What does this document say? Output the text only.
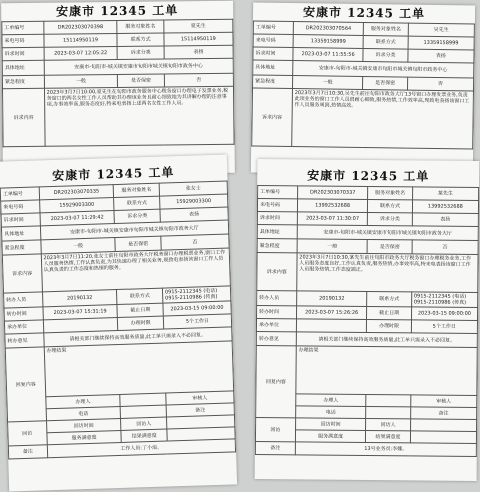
安康市 12345 工单
工单编号	DR202303070398	服务对象姓名	夏先生
来电号码	15114950119	联系方式	15114950119
诉求时间	2023-03-07 12:05:22	诉求分类	表扬
具体地址	安康市-旬阳市-城关镇安康市旬阳市城关镇旬阳市政务中心		
紧急程度	一般	是否保密	否
诉求内容	2023年3月7日10:00,夏先生在旬阳市政务服务中心税务窗口办理电子发票业务,税务窗口的两名女性工作人员帮助其办理该业务且耐心细致地为其讲解办理的注意事项,办事效率高,服务态度好,特来电表扬上述两名女性工作人员。		
安康市 12345 工单
工单编号	DR202303070564	服务对象姓名	吴先生
来电号码	13359158999	联系方式	13359158999
诉求时间	2023-03-07 11:55:56	诉求分类	表扬
具体地址	安康市-旬阳市-城关镇安康市旬阳市城关镇旬阳市政务中心		
紧急程度	一般	是否保密	否
诉求内容	2023年3月7日10:30,吴先生前往旬阳市政务大厅13号窗口办理发票业务,负责此项业务的窗口工作人员很耐心细致,服务热情,工作效率高,现致电表扬该窗口工作人员服务周到,热情高效。		
安康市 12345 工单
工单编号	DR202303070335	服务对象姓名	张女士
来电号码	15929003300	联系方式	15929003300
诉求时间	2023-03-07 11:29:42	诉求分类	表扬
具体地址	安康市-旬阳市-城关镇安康市旬阳市城关镇旬阳市政务大厅		
紧急程度	一般	是否保密	否
诉求内容	2023年3月7日11:20,张女士前往旬阳市政务大厅税务窗口办理税票业务,窗口工作人员服务热情,工作认真负责,为其快速办理了相关业务,现致电表扬该窗口工作人员认真负责的工作态度和热情的服务。		
转办人员	20190132	联系方式	0915-2112345 (电话) 0915-2110986 (传真)
转办时间	2023-03-07 15:31:19	截止日期	2023-03-15 09:00:00
承办单位		办理时限	5个工作日
转办意见	请相关部门继续保持高效服务质量,此工单只需录入不必回复。		
回复内容	办理结果		
	办理人		审核人
	电话		备注
回访	回访时间	回访人	
	服务满意度	结果满意度	
备注	工作人员:了小浪。		
安康市 12345 工单
工单编号	DR202303070337	服务对象姓名	某先生
来电号码	13992532688	联系方式	13992532688
诉求时间	2023-03-07 11:30:07	诉求分类	表扬
具体地址	安康市-旬阳市-城关镇安康市旬阳市城关镇旬阳市政务大厅		
紧急程度	一般	是否保密	否
诉求内容	2023年3月7日10:30,某先生前往旬阳市政务大厅税务窗口办理税务业务,工作人员服务态度良好,工作认真负责,服务热情,办事效率高,特来电表扬该窗口工作人员服务热情,工作态度端正。		
转办人员	20190132	联系方式	0915-2112345 (电话) 0915-2110986 (传真)
转办时间	2023-03-07 15:26:26	截止日期	2023-03-15 09:00:00
承办单位		办理时限	5个工作日
转办意见	请相关部门继续保持高效服务质量,此工单只需录入不必回复。		
回复内容	办理结果		
	办理人		审核人
	电话		备注
回访	回访时间	回访人	
	服务满意度	结果满意度	
备注	13号业务员:李娜。		
